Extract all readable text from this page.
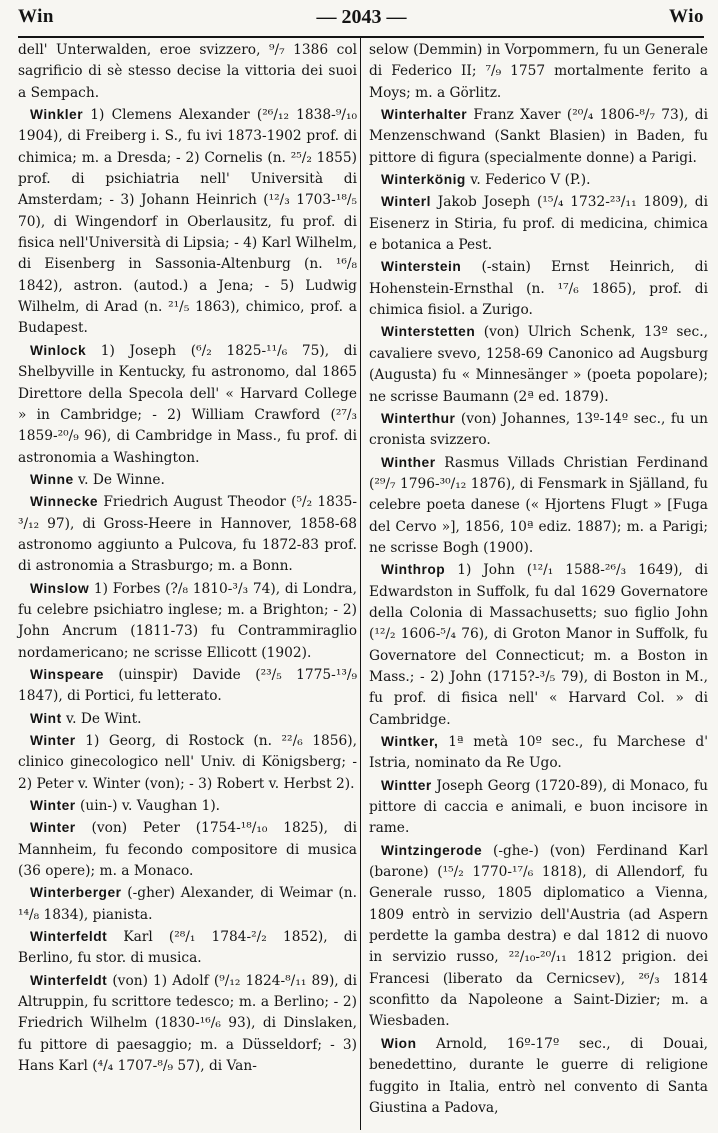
Win	— 2043 —	Wio

dell' Unterwalden, eroe svizzero, ⁹/₇ 1386 col sagrificio di sè stesso decise la vittoria dei suoi a Sempach.

Winkler 1) Clemens Alexander (²⁶/₁₂ 1838-⁹/₁₀ 1904), di Freiberg i. S., fu ivi 1873-1902 prof. di chimica; m. a Dresda; - 2) Cornelis (n. ²⁵/₂ 1855) prof. di psichiatria nell' Università di Amsterdam; - 3) Johann Heinrich (¹²/₃ 1703-¹⁸/₅ 70), di Wingendorf in Oberlausitz, fu prof. di fisica nell'Università di Lipsia; - 4) Karl Wilhelm, di Eisenberg in Sassonia-Altenburg (n. ¹⁶/₈ 1842), astron. (autod.) a Jena; - 5) Ludwig Wilhelm, di Arad (n. ²¹/₅ 1863), chimico, prof. a Budapest.

Winlock 1) Joseph (⁶/₂ 1825-¹¹/₆ 75), di Shelbyville in Kentucky, fu astronomo, dal 1865 Direttore della Specola dell' « Harvard College » in Cambridge; - 2) William Crawford (²⁷/₃ 1859-²⁰/₉ 96), di Cambridge in Mass., fu prof. di astronomia a Washington.

Winne v. De Winne.

Winnecke Friedrich August Theodor (⁵/₂ 1835-³/₁₂ 97), di Gross-Heere in Hannover, 1858-68 astronomo aggiunto a Pulcova, fu 1872-83 prof. di astronomia a Strasburgo; m. a Bonn.

Winslow 1) Forbes (?/₈ 1810-³/₃ 74), di Londra, fu celebre psichiatro inglese; m. a Brighton; - 2) John Ancrum (1811-73) fu Contrammiraglio nordamericano; ne scrisse Ellicott (1902).

Winspeare (uinspir) Davide (²³/₅ 1775-¹³/₉ 1847), di Portici, fu letterato.

Wint v. De Wint.

Winter 1) Georg, di Rostock (n. ²²/₆ 1856), clinico ginecologico nell' Univ. di Königsberg; - 2) Peter v. Winter (von); - 3) Robert v. Herbst 2).

Winter (uin-) v. Vaughan 1).

Winter (von) Peter (1754-¹⁸/₁₀ 1825), di Mannheim, fu fecondo compositore di musica (36 opere); m. a Monaco.

Winterberger (-gher) Alexander, di Weimar (n. ¹⁴/₈ 1834), pianista.

Winterfeldt Karl (²⁸/₁ 1784-²/₂ 1852), di Berlino, fu stor. di musica.

Winterfeldt (von) 1) Adolf (⁹/₁₂ 1824-⁸/₁₁ 89), di Altruppin, fu scrittore tedesco; m. a Berlino; - 2) Friedrich Wilhelm (1830-¹⁶/₆ 93), di Dinslaken, fu pittore di paesaggio; m. a Düsseldorf; - 3) Hans Karl (⁴/₄ 1707-⁸/₉ 57), di Van-

selow (Demmin) in Vorpommern, fu un Generale di Federico II; ⁷/₉ 1757 mortalmente ferito a Moys; m. a Görlitz.

Winterhalter Franz Xaver (²⁰/₄ 1806-⁸/₇ 73), di Menzenschwand (Sankt Blasien) in Baden, fu pittore di figura (specialmente donne) a Parigi.

Winterkönig v. Federico V (P.).

Winterl Jakob Joseph (¹⁵/₄ 1732-²³/₁₁ 1809), di Eisenerz in Stiria, fu prof. di medicina, chimica e botanica a Pest.

Winterstein (-stain) Ernst Heinrich, di Hohenstein-Ernsthal (n. ¹⁷/₆ 1865), prof. di chimica fisiol. a Zurigo.

Winterstetten (von) Ulrich Schenk, 13º sec., cavaliere svevo, 1258-69 Canonico ad Augsburg (Augusta) fu « Minnesänger » (poeta popolare); ne scrisse Baumann (2ª ed. 1879).

Winterthur (von) Johannes, 13º-14º sec., fu un cronista svizzero.

Winther Rasmus Villads Christian Ferdinand (²⁹/₇ 1796-³⁰/₁₂ 1876), di Fensmark in Själland, fu celebre poeta danese (« Hjortens Flugt » [Fuga del Cervo »], 1856, 10ª ediz. 1887); m. a Parigi; ne scrisse Bogh (1900).

Winthrop 1) John (¹²/₁ 1588-²⁶/₃ 1649), di Edwardston in Suffolk, fu dal 1629 Governatore della Colonia di Massachusetts; suo figlio John (¹²/₂ 1606-⁵/₄ 76), di Groton Manor in Suffolk, fu Governatore del Connecticut; m. a Boston in Mass.; - 2) John (1715?-³/₅ 79), di Boston in M., fu prof. di fisica nell' « Harvard Col. » di Cambridge.

Wintker, 1ª metà 10º sec., fu Marchese d' Istria, nominato da Re Ugo.

Wintter Joseph Georg (1720-89), di Monaco, fu pittore di caccia e animali, e buon incisore in rame.

Wintzingerode (-ghe-) (von) Ferdinand Karl (barone) (¹⁵/₂ 1770-¹⁷/₆ 1818), di Allendorf, fu Generale russo, 1805 diplomatico a Vienna, 1809 entrò in servizio dell'Austria (ad Aspern perdette la gamba destra) e dal 1812 di nuovo in servizio russo, ²²/₁₀-²⁰/₁₁ 1812 prigion. dei Francesi (liberato da Cernicsev), ²⁶/₃ 1814 sconfitto da Napoleone a Saint-Dizier; m. a Wiesbaden.

Wion Arnold, 16º-17º sec., di Douai, benedettino, durante le guerre di religione fuggito in Italia, entrò nel convento di Santa Giustina a Padova,
